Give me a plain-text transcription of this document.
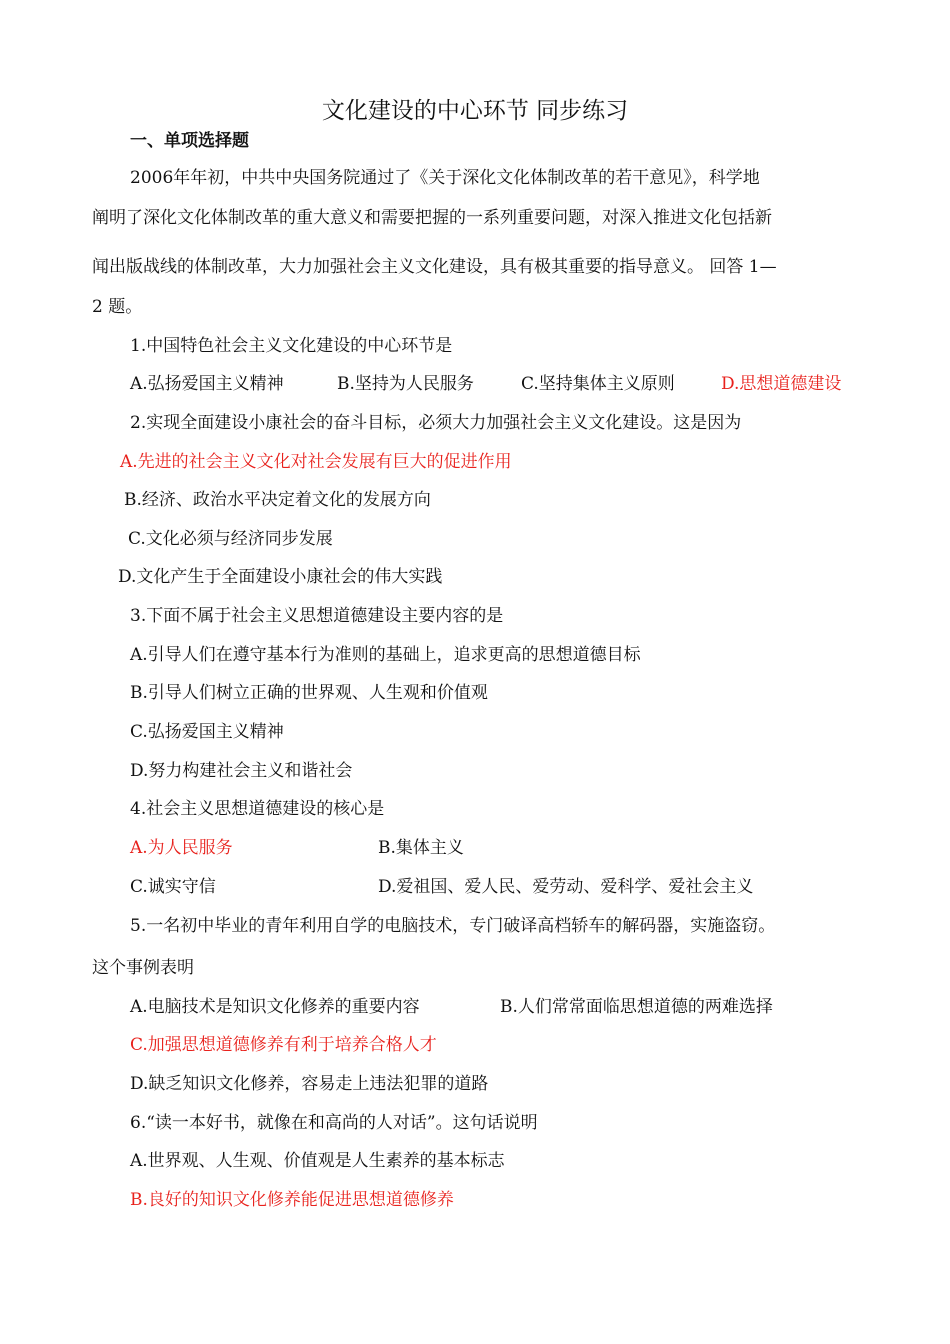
文化建设的中心环节 同步练习
一、单项选择题
2006年年初，中共中央国务院通过了《关于深化文化体制改革的若干意见》，科学地
阐明了深化文化体制改革的重大意义和需要把握的一系列重要问题，对深入推进文化包括新
闻出版战线的体制改革，大力加强社会主义文化建设，具有极其重要的指导意义。 回答 1—
2 题。
1.中国特色社会主义文化建设的中心环节是
A.弘扬爱国主义精神	B.坚持为人民服务	C.坚持集体主义原则	D.思想道德建设
2.实现全面建设小康社会的奋斗目标，必须大力加强社会主义文化建设。这是因为
A.先进的社会主义文化对社会发展有巨大的促进作用
B.经济、政治水平决定着文化的发展方向
C.文化必须与经济同步发展
D.文化产生于全面建设小康社会的伟大实践
3.下面不属于社会主义思想道德建设主要内容的是
A.引导人们在遵守基本行为准则的基础上，追求更高的思想道德目标
B.引导人们树立正确的世界观、人生观和价值观
C.弘扬爱国主义精神
D.努力构建社会主义和谐社会
4.社会主义思想道德建设的核心是
A.为人民服务	B.集体主义
C.诚实守信	D.爱祖国、爱人民、爱劳动、爱科学、爱社会主义
5.一名初中毕业的青年利用自学的电脑技术，专门破译高档轿车的解码器，实施盗窃。
这个事例表明
A.电脑技术是知识文化修养的重要内容	B.人们常常面临思想道德的两难选择
C.加强思想道德修养有利于培养合格人才
D.缺乏知识文化修养，容易走上违法犯罪的道路
6.“读一本好书，就像在和高尚的人对话”。这句话说明
A.世界观、人生观、价值观是人生素养的基本标志
B.良好的知识文化修养能促进思想道德修养
